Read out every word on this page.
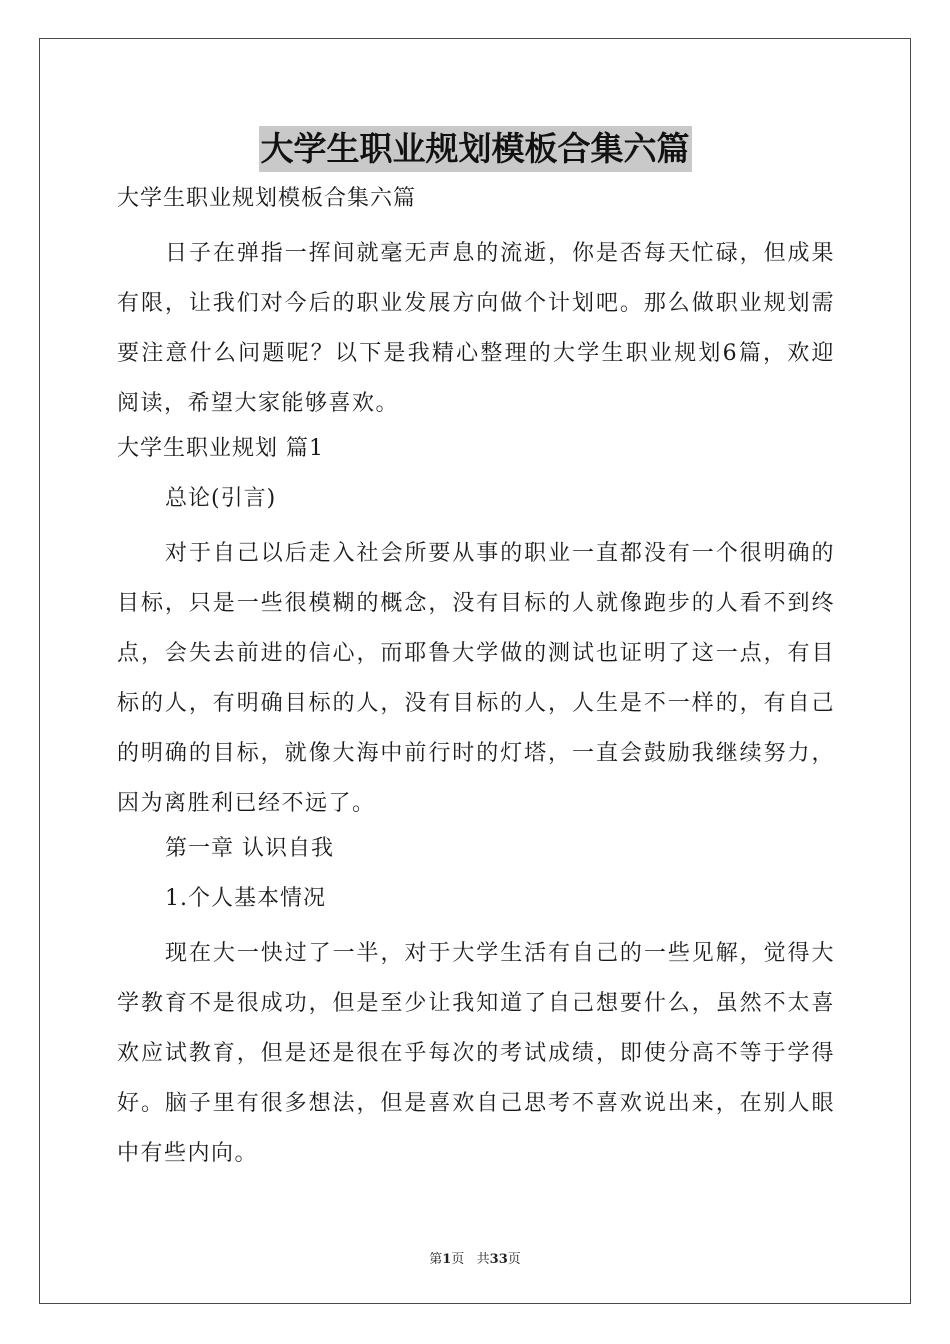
大学生职业规划模板合集六篇

大学生职业规划模板合集六篇

日子在弹指一挥间就毫无声息的流逝，你是否每天忙碌，但成果有限，让我们对今后的职业发展方向做个计划吧。那么做职业规划需要注意什么问题呢？以下是我精心整理的大学生职业规划6篇，欢迎阅读，希望大家能够喜欢。

大学生职业规划 篇1

总论(引言)

对于自己以后走入社会所要从事的职业一直都没有一个很明确的目标，只是一些很模糊的概念，没有目标的人就像跑步的人看不到终点，会失去前进的信心，而耶鲁大学做的测试也证明了这一点，有目标的人，有明确目标的人，没有目标的人，人生是不一样的，有自己的明确的目标，就像大海中前行时的灯塔，一直会鼓励我继续努力，因为离胜利已经不远了。

第一章 认识自我

1.个人基本情况

现在大一快过了一半，对于大学生活有自己的一些见解，觉得大学教育不是很成功，但是至少让我知道了自己想要什么，虽然不太喜欢应试教育，但是还是很在乎每次的考试成绩，即使分高不等于学得好。脑子里有很多想法，但是喜欢自己思考不喜欢说出来，在别人眼中有些内向。

第1页   共33页
